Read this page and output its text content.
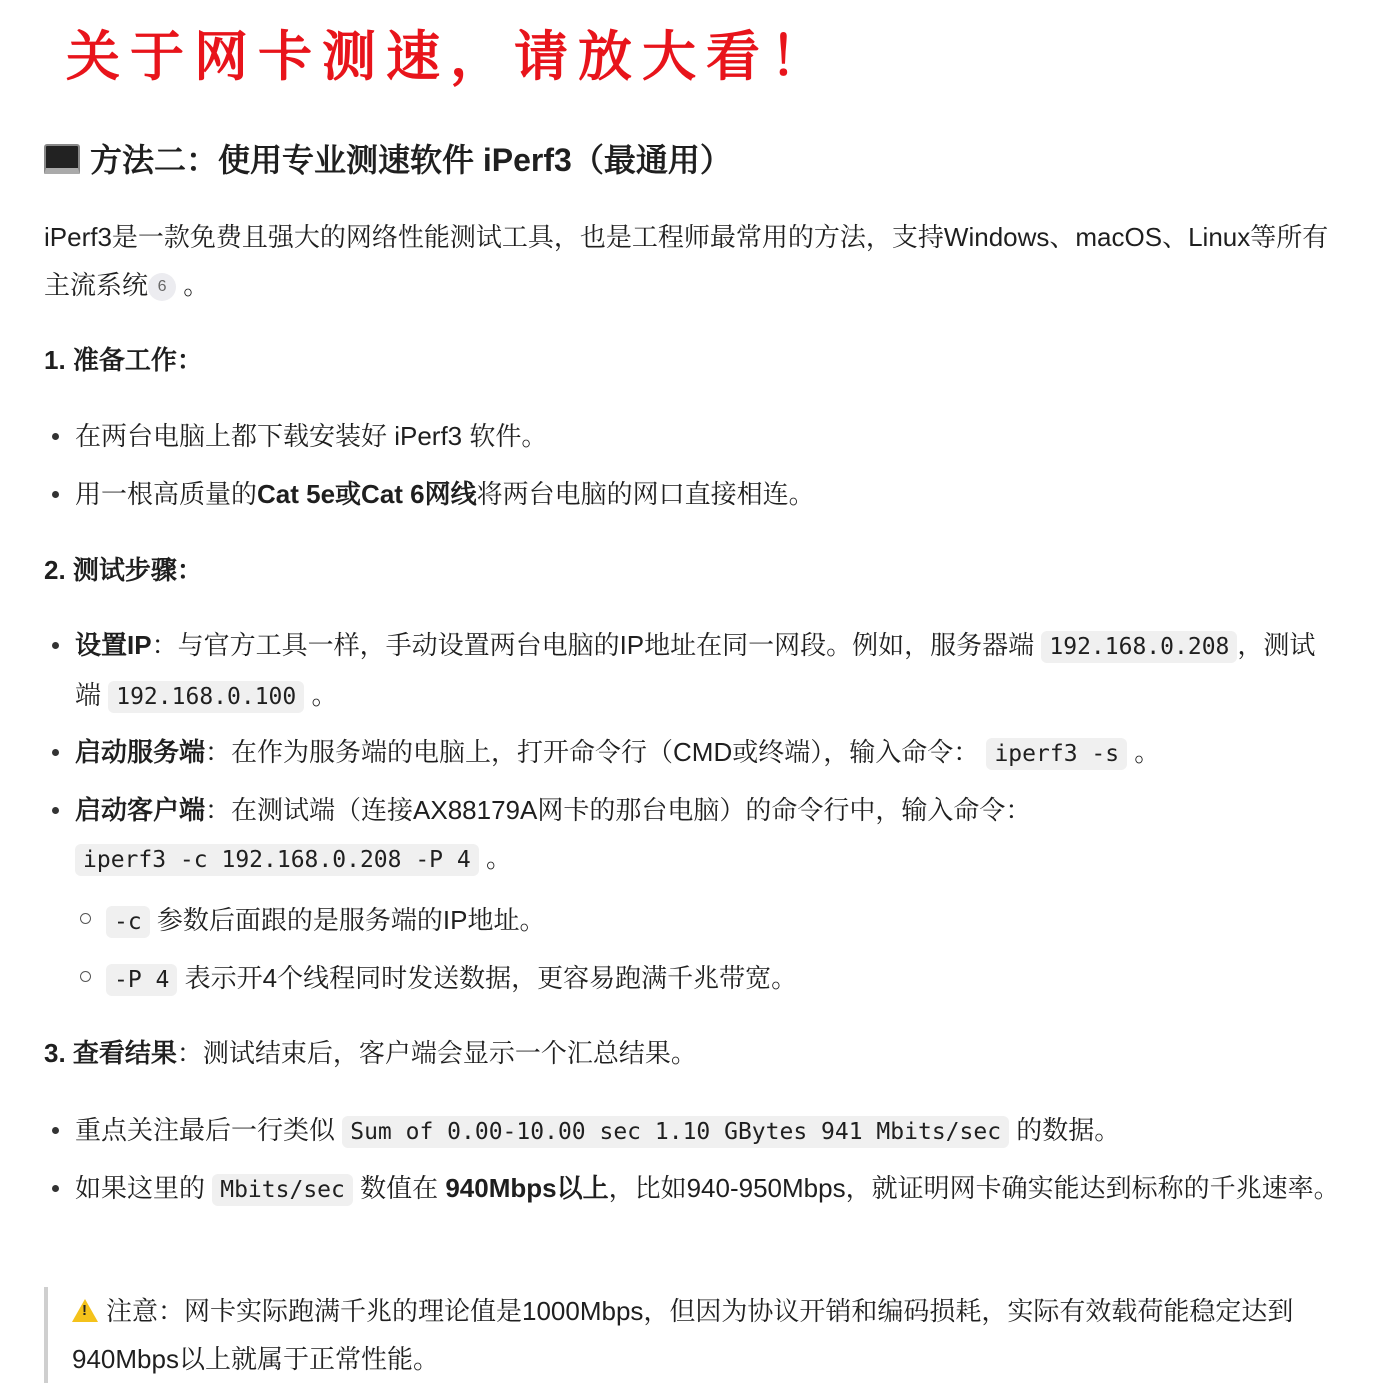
关于网卡测速，请放大看！
方法二：使用专业测速软件 iPerf3（最通用）
iPerf3是一款免费且强大的网络性能测试工具，也是工程师最常用的方法，支持Windows、macOS、Linux等所有主流系统 6 。
1. 准备工作：
在两台电脑上都下载安装好 iPerf3 软件。
用一根高质量的Cat 5e或Cat 6网线将两台电脑的网口直接相连。
2. 测试步骤：
设置IP：与官方工具一样，手动设置两台电脑的IP地址在同一网段。例如，服务器端 192.168.0.208 ，测试端 192.168.0.100 。
启动服务端：在作为服务端的电脑上，打开命令行（CMD或终端），输入命令： iperf3 -s 。
启动客户端：在测试端（连接AX88179A网卡的那台电脑）的命令行中，输入命令： iperf3 -c 192.168.0.208 -P 4 。
-c 参数后面跟的是服务端的IP地址。
-P 4 表示开4个线程同时发送数据，更容易跑满千兆带宽。
3. 查看结果：测试结束后，客户端会显示一个汇总结果。
重点关注最后一行类似 Sum of 0.00-10.00 sec 1.10 GBytes 941 Mbits/sec 的数据。
如果这里的 Mbits/sec 数值在 940Mbps以上，比如940-950Mbps，就证明网卡确实能达到标称的千兆速率。
!注意：网卡实际跑满千兆的理论值是1000Mbps，但因为协议开销和编码损耗，实际有效载荷能稳定达到940Mbps以上就属于正常性能。
